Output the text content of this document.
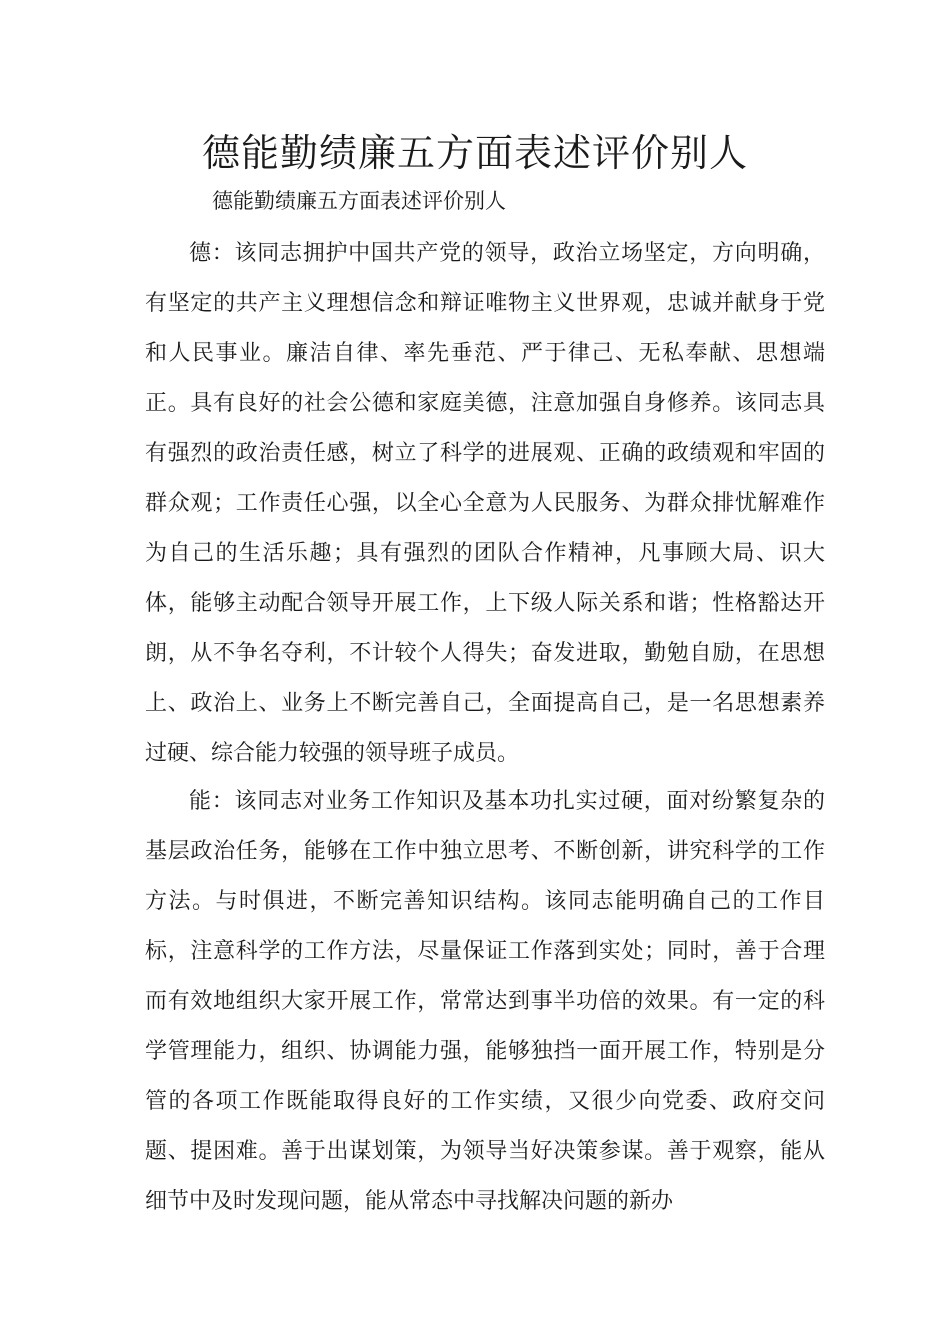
德能勤绩廉五方面表述评价别人

德能勤绩廉五方面表述评价别人

德：该同志拥护中国共产党的领导，政治立场坚定，方向明确，有坚定的共产主义理想信念和辩证唯物主义世界观，忠诚并献身于党和人民事业。廉洁自律、率先垂范、严于律己、无私奉献、思想端正。具有良好的社会公德和家庭美德，注意加强自身修养。该同志具有强烈的政治责任感，树立了科学的进展观、正确的政绩观和牢固的群众观；工作责任心强，以全心全意为人民服务、为群众排忧解难作为自己的生活乐趣；具有强烈的团队合作精神，凡事顾大局、识大体，能够主动配合领导开展工作，上下级人际关系和谐；性格豁达开朗，从不争名夺利，不计较个人得失；奋发进取，勤勉自励，在思想上、政治上、业务上不断完善自己，全面提高自己，是一名思想素养过硬、综合能力较强的领导班子成员。

能：该同志对业务工作知识及基本功扎实过硬，面对纷繁复杂的基层政治任务，能够在工作中独立思考、不断创新，讲究科学的工作方法。与时俱进，不断完善知识结构。该同志能明确自己的工作目标，注意科学的工作方法，尽量保证工作落到实处；同时，善于合理而有效地组织大家开展工作，常常达到事半功倍的效果。有一定的科学管理能力，组织、协调能力强，能够独挡一面开展工作，特别是分管的各项工作既能取得良好的工作实绩，又很少向党委、政府交问题、提困难。善于出谋划策，为领导当好决策参谋。善于观察，能从细节中及时发现问题，能从常态中寻找解决问题的新办
